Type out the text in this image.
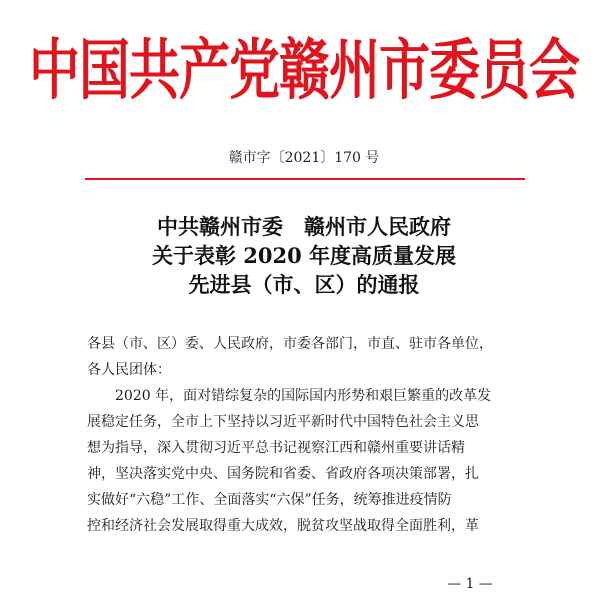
中国共产党赣州市委员会
赣市字〔2021〕170 号
中共赣州市委　赣州市人民政府
关于表彰 2020 年度高质量发展
先进县（市、区）的通报
各县（市、区）委、人民政府，市委各部门，市直、驻市各单位，
各人民团体：
2020 年，面对错综复杂的国际国内形势和艰巨繁重的改革发
展稳定任务，全市上下坚持以习近平新时代中国特色社会主义思
想为指导，深入贯彻习近平总书记视察江西和赣州重要讲话精
神，坚决落实党中央、国务院和省委、省政府各项决策部署，扎
实做好“六稳”工作、全面落实“六保”任务，统筹推进疫情防
控和经济社会发展取得重大成效，脱贫攻坚战取得全面胜利，革
— 1 —
